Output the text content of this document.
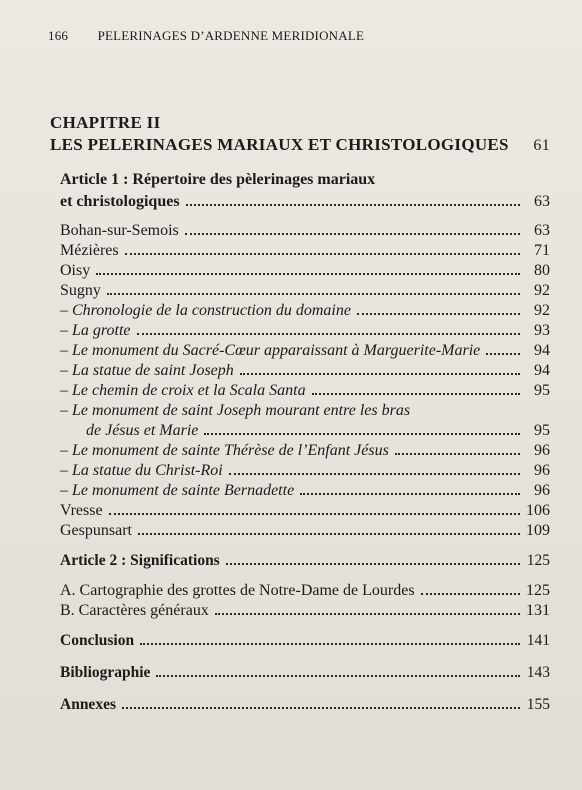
166 PELERINAGES D’ARDENNE MERIDIONALE
CHAPITRE II
LES PELERINAGES MARIAUX ET CHRISTOLOGIQUES 61
Article 1 : Répertoire des pèlerinages mariaux
et christologiques	63
Bohan-sur-Semois	63
Mézières	71
Oisy	80
Sugny	92
– Chronologie de la construction du domaine	92
– La grotte	93
– Le monument du Sacré-Cœur apparaissant à Marguerite-Marie	94
– La statue de saint Joseph	94
– Le chemin de croix et la Scala Santa	95
– Le monument de saint Joseph mourant entre les bras
de Jésus et Marie	95
– Le monument de sainte Thérèse de l’Enfant Jésus	96
– La statue du Christ-Roi	96
– Le monument de sainte Bernadette	96
Vresse	106
Gespunsart	109
Article 2 : Significations	125
A. Cartographie des grottes de Notre-Dame de Lourdes	125
B. Caractères généraux	131
Conclusion	141
Bibliographie	143
Annexes	155
